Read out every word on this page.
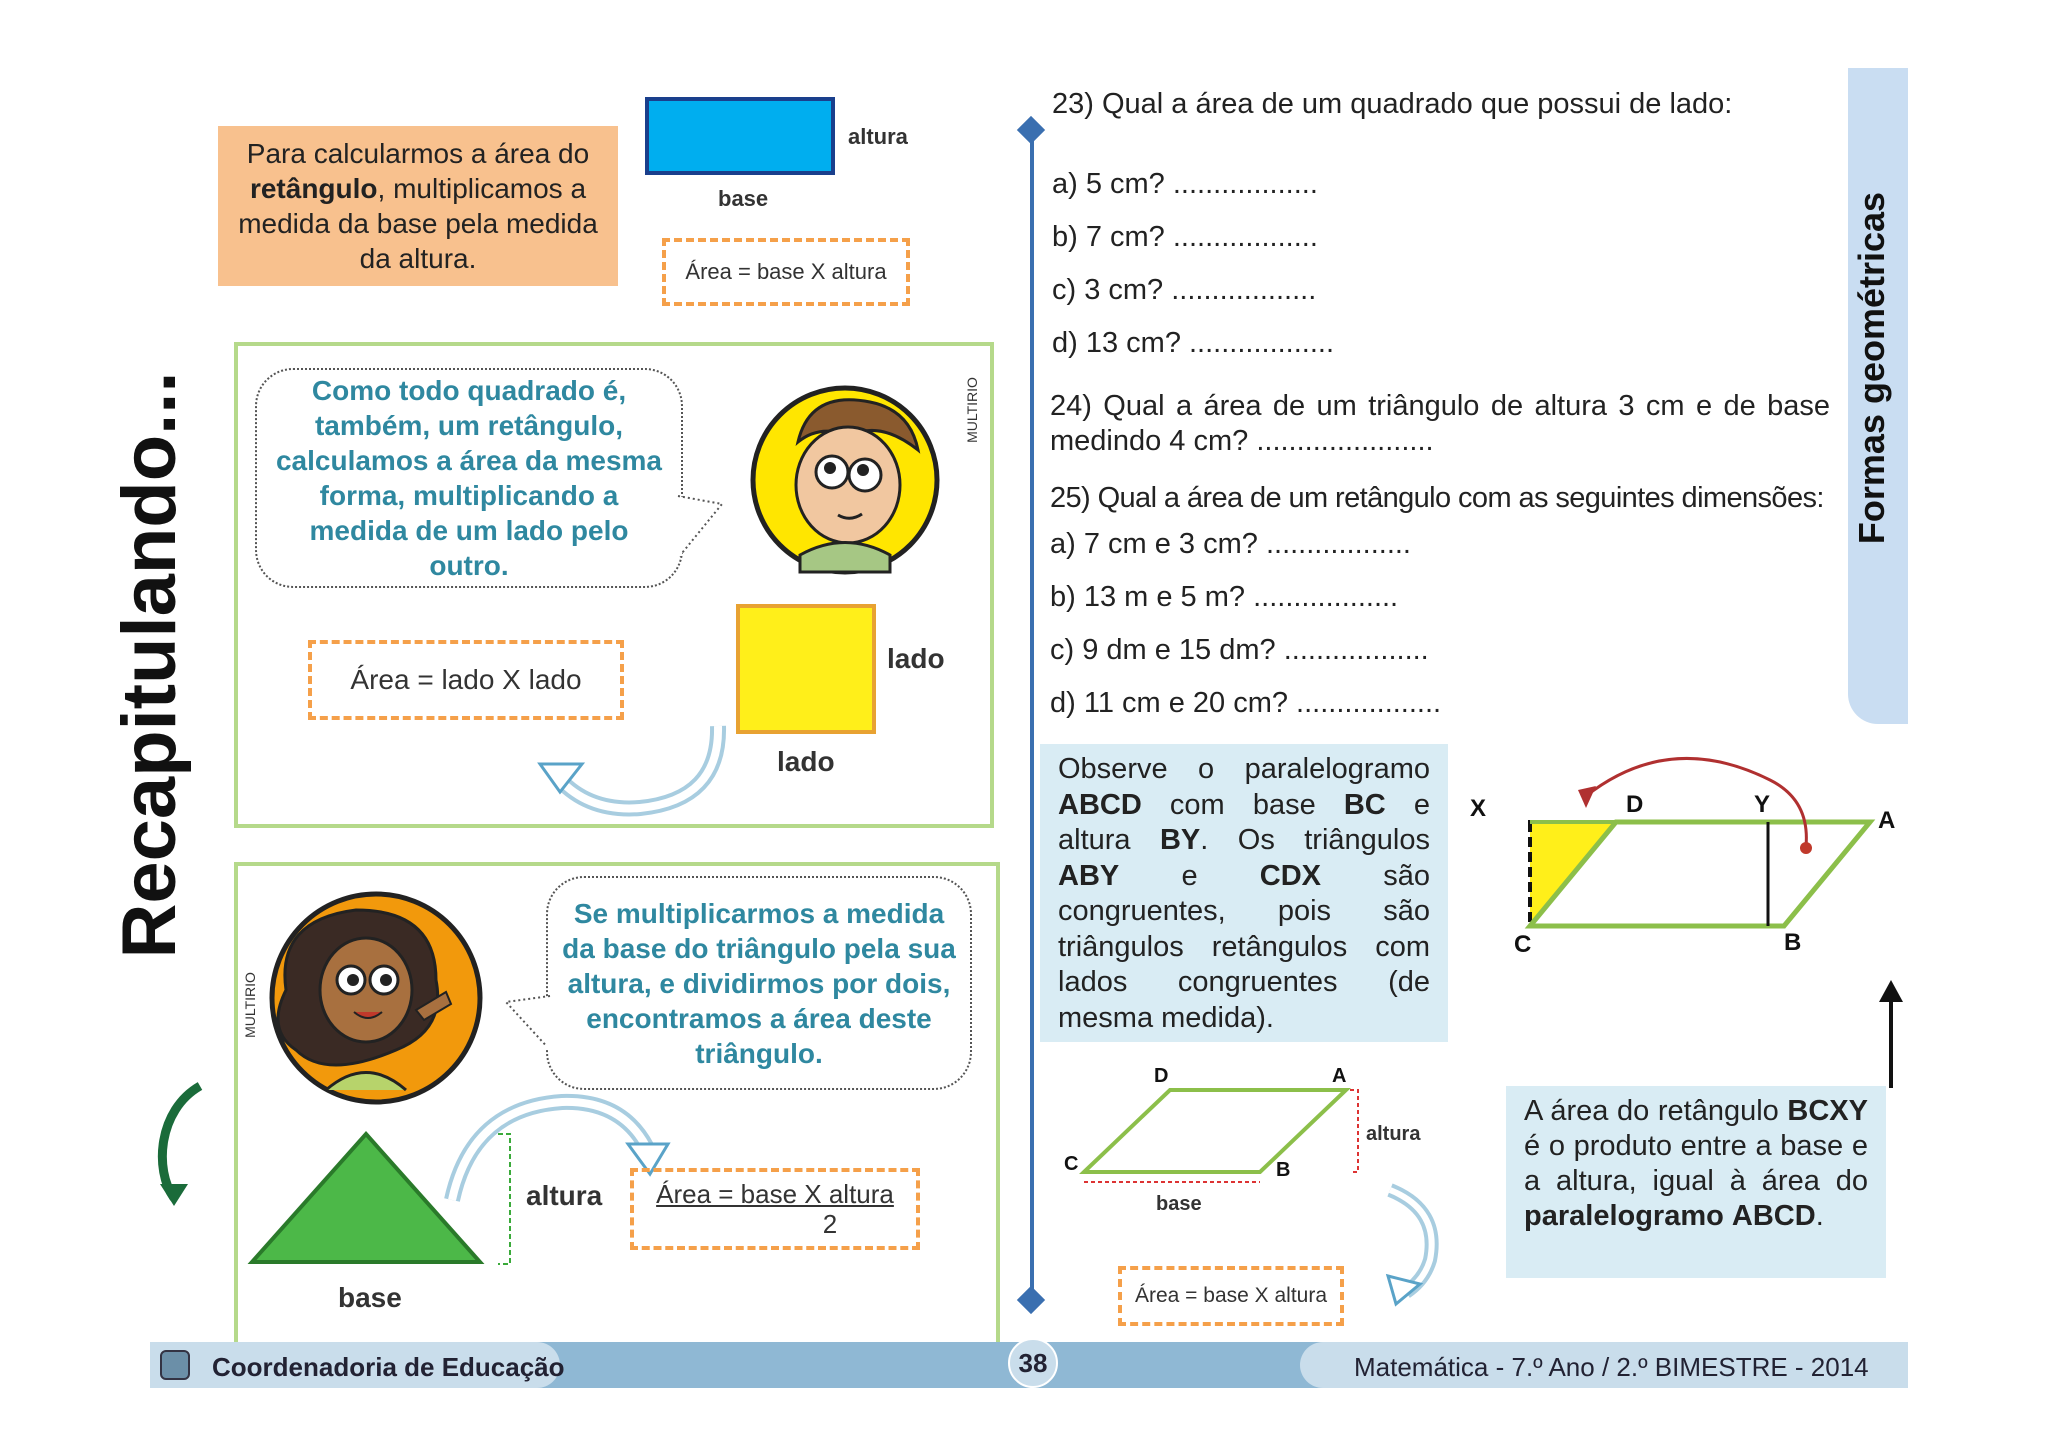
Recapitulando...
Para calcularmos a área do retângulo, multiplicamos a medida da base pela medida da altura.
altura
base
Área = base X altura
Como todo quadrado é, também, um retângulo, calculamos a área da mesma forma, multiplicando a medida de um lado pelo outro.
MULTIRIO
Área = lado X lado
lado
lado
MULTIRIO
Se multiplicarmos a medida da base do triângulo pela sua altura, e dividirmos por dois, encontramos a área deste triângulo.
altura
base
Área = base X altura
2
23) Qual a área de um quadrado que possui de lado:
a) 5 cm? ..................
b) 7 cm? ..................
c) 3 cm? ..................
d) 13 cm? ..................
24) Qual a área de um triângulo de altura 3 cm e de base
medindo 4 cm? ......................
25) Qual a área de um retângulo com as seguintes dimensões:
a) 7 cm e 3 cm? ..................
b) 13 m e 5 m? ..................
c) 9 dm e 15 dm? ..................
d) 11 cm e 20 cm? ..................
Formas geométricas
Observe o paralelogramo ABCD com base BC e altura BY. Os triângulos ABY e CDX são congruentes, pois são triângulos retângulos com lados congruentes (de mesma medida).
X	D	Y
A
C	B
D	A
C	B
altura
base
Área = base X altura
A área do retângulo BCXY é o produto entre a base e a altura, igual à área do paralelogramo ABCD.
Coordenadoria de Educação	38	Matemática - 7.º Ano / 2.º BIMESTRE - 2014
